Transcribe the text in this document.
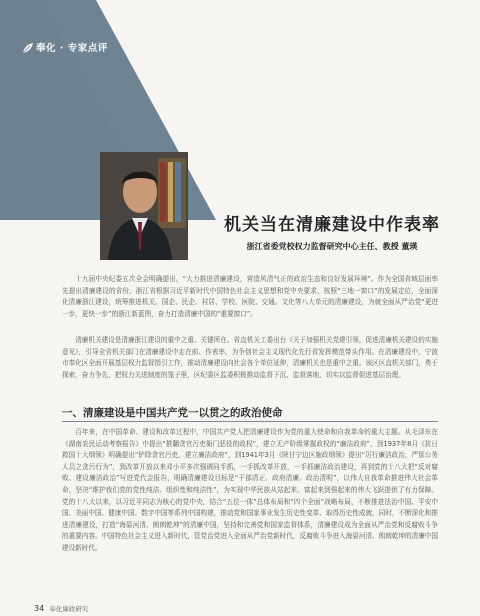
奉化 · 专家点评
机关当在清廉建设中作表率
浙江省委党校权力监督研究中心主任、教授 董瑛

十九届中央纪委五次全会明确提出，“大力推进清廉建设，营造风清气正的政治生态和良好发展环境”。作为全国省域层面率先提出清廉建设的省份，浙江省根据习近平新时代中国特色社会主义思想和党中央要求，按照“三地一窗口”的发展定位，全面深化清廉浙江建设，统筹推进机关、国企、民企、村居、学校、医院、交通、文化等八大单元的清廉建设，为就全面从严治党“更进一步，更快一步”的浙江新蓝图，奋力打造清廉中国的“重要窗口”。

清廉机关建设是清廉浙江建设的重中之重、关键所在。省直机关工委出台《关于加强机关党建引领，促进清廉机关建设的实施意见》，引导全省机关部门在清廉建设中走在前、作表率，为争创社会主义现代化先行省发挥模范带头作用。在清廉建设中，宁波市奉化区全面开展基层权力监督指引工作，推动清廉建设向社会各个单位延伸，清廉机关也是重中之重。该区区直机关部门，勇于探索，奋力争先，把权力关进制度的笼子里，区纪委区监委积极推动监督下沉、监督落地，切实以监督促进基层治理。

一、清廉建设是中国共产党一以贯之的政治使命

百年来，在中国革命、建设和改革过程中，中国共产党人把清廉建设作为党的重大使命和自我革命的重大主题。从毛泽东在《湖南农民运动考察报告》中提出“推翻贪官污吏衙门恶役的政权”，建立无产阶级掌握政权的“廉洁政府”，到1937年8月《抗日救国十大纲领》明确提出“铲除贪官污吏，建立廉洁政府”，到1941年3月《陕甘宁边区施政纲领》提出“厉行廉洁政治，严惩公务人员之贪污行为”，到改革开放以来邓小平多次强调同手抓，一手抓改革开放，一手抓廉洁政治建设，再到党的十八大把“反对腐败、建设廉洁政治”写进党代会报告，明确清廉建设目标是“干部清正、政府清廉、政治清明”，以伟大自我革命推进伟大社会革命，坚决“维护我们党的党性纯洁、组织性和纯洁性”，为实现中华民族从站起来、富起来到强起来的伟大飞跃提供了有力保障。党的十八大以来，以习近平同志为核心的党中央，结合“五位一体”总体布局和“四个全面”战略布局，不断推进法治中国、平安中国、美丽中国、健康中国、数字中国等系列中国构建，推动党和国家事业发生历史性变革、取得历史性成就，同时，不断深化和推进清廉建设，打造“海晏河清、朗朗乾坤”的清廉中国，坚持和完善党和国家监督体系，清廉建设成为全面从严治党和反腐败斗争的重要内容。中国特色社会主义进入新时代，管党治党进入全面从严治党新时代，反腐败斗争进入海晏河清、朗朗乾坤的清廉中国建设新时代。

34 奉化廉政研究
